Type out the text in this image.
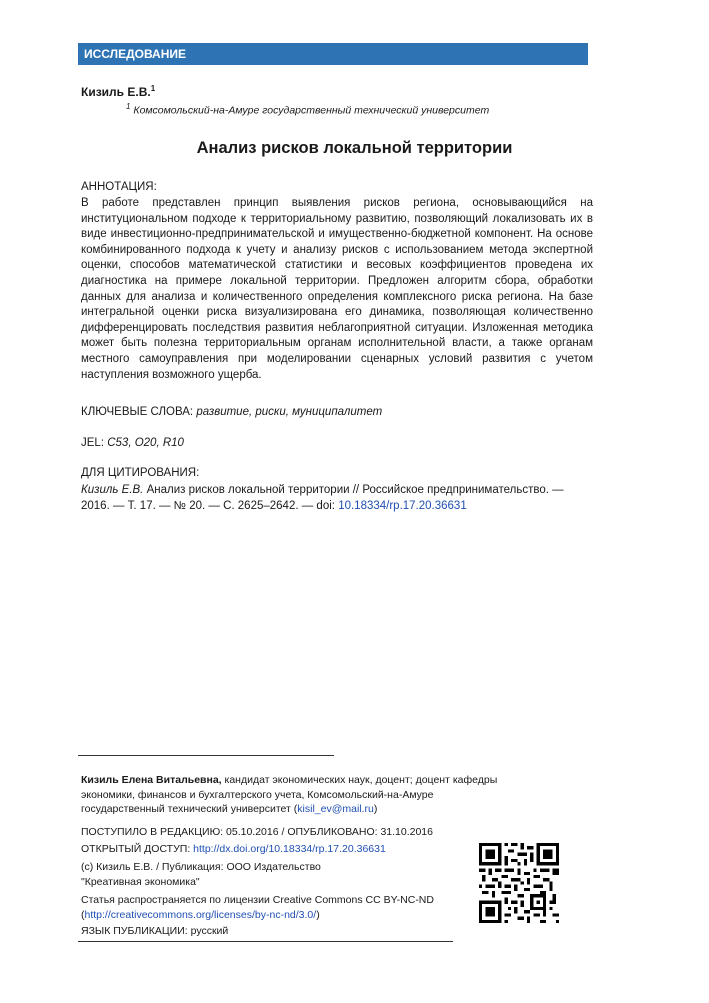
ИССЛЕДОВАНИЕ
Кизиль Е.В.$^1$
$^1$ Комсомольский-на-Амуре государственный технический университет
Анализ рисков локальной территории
АННОТАЦИЯ:
В работе представлен принцип выявления рисков региона, основывающийся на институциональном подходе к территориальному развитию, позволяющий локализовать их в виде инвестиционно-предпринимательской и имущественно-бюджетной компонент. На основе комбинированного подхода к учету и анализу рисков с использованием метода экспертной оценки, способов математической статистики и весовых коэффициентов проведена их диагностика на примере локальной территории. Предложен алгоритм сбора, обработки данных для анализа и количественного определения комплексного риска региона. На базе интегральной оценки риска визуализирована его динамика, позволяющая количественно дифференцировать последствия развития неблагоприятной ситуации. Изложенная методика может быть полезна территориальным органам исполнительной власти, а также органам местного самоуправления при моделировании сценарных условий развития с учетом наступления возможного ущерба.
КЛЮЧЕВЫЕ СЛОВА: развитие, риски, муниципалитет
JEL: C53, O20, R10
ДЛЯ ЦИТИРОВАНИЯ:
Кизиль Е.В. Анализ рисков локальной территории // Российское предпринимательство. — 2016. — Т. 17. — № 20. — С. 2625–2642. — doi: 10.18334/rp.17.20.36631
Кизиль Елена Витальевна, кандидат экономических наук, доцент; доцент кафедры экономики, финансов и бухгалтерского учета, Комсомольский-на-Амуре государственный технический университет (kisil_ev@mail.ru)
ПОСТУПИЛО В РЕДАКЦИЮ: 05.10.2016 / ОПУБЛИКОВАНО: 31.10.2016
ОТКРЫТЫЙ ДОСТУП: http://dx.doi.org/10.18334/rp.17.20.36631
(c) Кизиль Е.В. / Публикация: ООО Издательство "Креативная экономика"
Статья распространяется по лицензии Creative Commons CC BY-NC-ND (http://creativecommons.org/licenses/by-nc-nd/3.0/)
ЯЗЫК ПУБЛИКАЦИИ: русский
